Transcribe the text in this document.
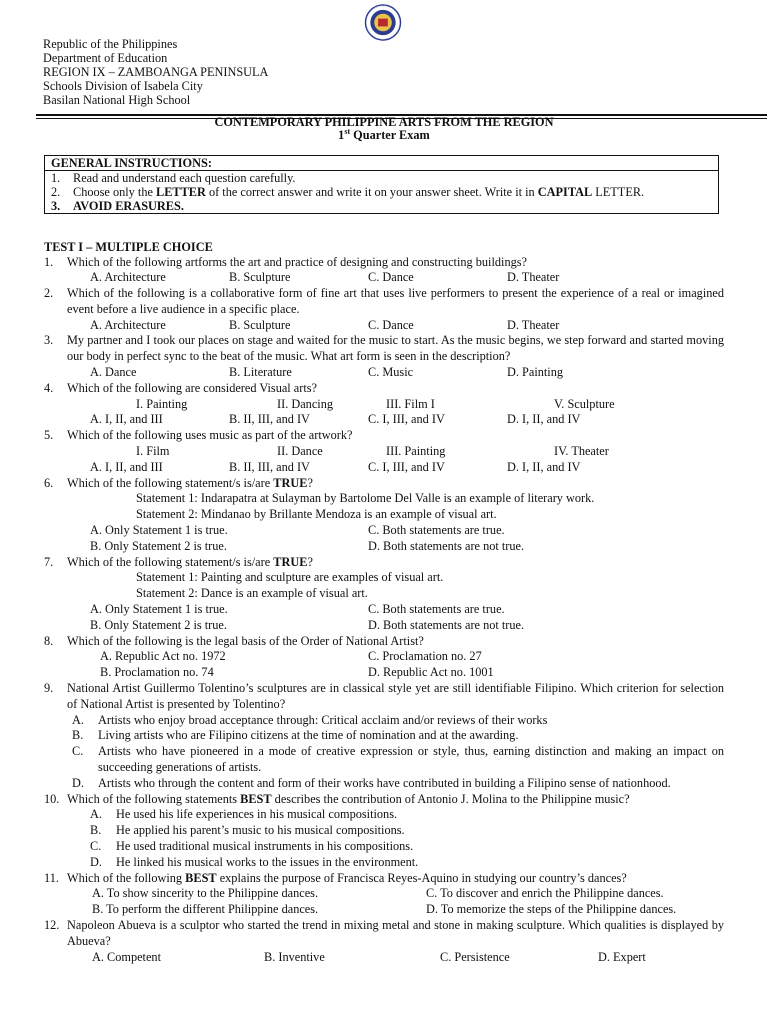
Republic of the Philippines
Department of Education
REGION IX – ZAMBOANGA PENINSULA
Schools Division of Isabela City
Basilan National High School
CONTEMPORARY PHILIPPINE ARTS FROM THE REGION
1st Quarter Exam
GENERAL INSTRUCTIONS:
1.	Read and understand each question carefully.
2.	Choose only the LETTER of the correct answer and write it on your answer sheet. Write it in CAPITAL LETTER.
3.	AVOID ERASURES.
TEST I – MULTIPLE CHOICE
1.	Which of the following artforms the art and practice of designing and constructing buildings?
A. Architecture	B. Sculpture	C. Dance	D. Theater
2.	Which of the following is a collaborative form of fine art that uses live performers to present the experience of a real or imagined event before a live audience in a specific place.
A. Architecture	B. Sculpture	C. Dance	D. Theater
3.	My partner and I took our places on stage and waited for the music to start. As the music begins, we step forward and started moving our body in perfect sync to the beat of the music. What art form is seen in the description?
A. Dance	B. Literature	C. Music	D. Painting
4.	Which of the following are considered Visual arts?
I. Painting	II. Dancing	III. Film I	V. Sculpture
A. I, II, and III	B. II, III, and IV	C. I, III, and IV	D. I, II, and IV
5.	Which of the following uses music as part of the artwork?
I. Film	II. Dance	III. Painting	IV. Theater
A. I, II, and III	B. II, III, and IV	C. I, III, and IV	D. I, II, and IV
6.	Which of the following statement/s is/are TRUE?
Statement 1: Indarapatra at Sulayman by Bartolome Del Valle is an example of literary work.
Statement 2: Mindanao by Brillante Mendoza is an example of visual art.
A. Only Statement 1 is true.	C. Both statements are true.
B. Only Statement 2 is true.	D. Both statements are not true.
7.	Which of the following statement/s is/are TRUE?
Statement 1: Painting and sculpture are examples of visual art.
Statement 2: Dance is an example of visual art.
A. Only Statement 1 is true.	C. Both statements are true.
B. Only Statement 2 is true.	D. Both statements are not true.
8.	Which of the following is the legal basis of the Order of National Artist?
A. Republic Act no. 1972	C. Proclamation no. 27
B. Proclamation no. 74	D. Republic Act no. 1001
9.	National Artist Guillermo Tolentino’s sculptures are in classical style yet are still identifiable Filipino. Which criterion for selection of National Artist is presented by Tolentino?
A.	Artists who enjoy broad acceptance through: Critical acclaim and/or reviews of their works
B.	Living artists who are Filipino citizens at the time of nomination and at the awarding.
C.	Artists who have pioneered in a mode of creative expression or style, thus, earning distinction and making an impact on succeeding generations of artists.
D.	Artists who through the content and form of their works have contributed in building a Filipino sense of nationhood.
10. Which of the following statements BEST describes the contribution of Antonio J. Molina to the Philippine music?
A.	He used his life experiences in his musical compositions.
B.	He applied his parent’s music to his musical compositions.
C.	He used traditional musical instruments in his compositions.
D.	He linked his musical works to the issues in the environment.
11. Which of the following BEST explains the purpose of Francisca Reyes-Aquino in studying our country’s dances?
A. To show sincerity to the Philippine dances.	C. To discover and enrich the Philippine dances.
B. To perform the different Philippine dances.	D. To memorize the steps of the Philippine dances.
12. Napoleon Abueva is a sculptor who started the trend in mixing metal and stone in making sculpture. Which qualities is displayed by Abueva?
A. Competent	B. Inventive	C. Persistence	D. Expert
